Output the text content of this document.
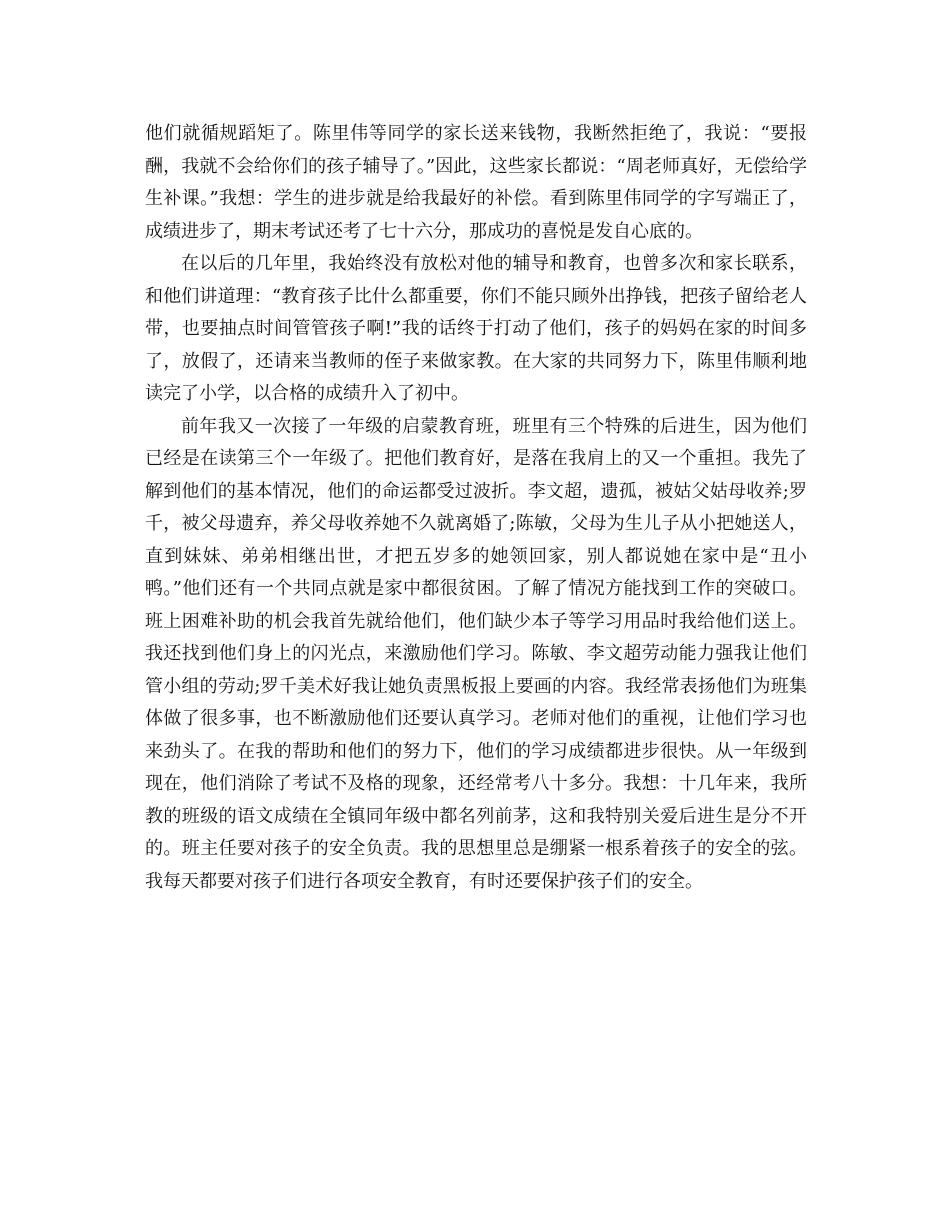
他们就循规蹈矩了。陈里伟等同学的家长送来钱物，我断然拒绝了，我说：“要报酬，我就不会给你们的孩子辅导了。”因此，这些家长都说：“周老师真好，无偿给学生补课。”我想：学生的进步就是给我最好的补偿。看到陈里伟同学的字写端正了，成绩进步了，期末考试还考了七十六分，那成功的喜悦是发自心底的。

在以后的几年里，我始终没有放松对他的辅导和教育，也曾多次和家长联系，和他们讲道理：“教育孩子比什么都重要，你们不能只顾外出挣钱，把孩子留给老人带，也要抽点时间管管孩子啊!”我的话终于打动了他们，孩子的妈妈在家的时间多了，放假了，还请来当教师的侄子来做家教。在大家的共同努力下，陈里伟顺利地读完了小学，以合格的成绩升入了初中。

前年我又一次接了一年级的启蒙教育班，班里有三个特殊的后进生，因为他们已经是在读第三个一年级了。把他们教育好，是落在我肩上的又一个重担。我先了解到他们的基本情况，他们的命运都受过波折。李文超，遗孤，被姑父姑母收养;罗千，被父母遗弃，养父母收养她不久就离婚了;陈敏，父母为生儿子从小把她送人，直到妹妹、弟弟相继出世，才把五岁多的她领回家，别人都说她在家中是“丑小鸭。”他们还有一个共同点就是家中都很贫困。了解了情况方能找到工作的突破口。班上困难补助的机会我首先就给他们，他们缺少本子等学习用品时我给他们送上。我还找到他们身上的闪光点，来激励他们学习。陈敏、李文超劳动能力强我让他们管小组的劳动;罗千美术好我让她负责黑板报上要画的内容。我经常表扬他们为班集体做了很多事，也不断激励他们还要认真学习。老师对他们的重视，让他们学习也来劲头了。在我的帮助和他们的努力下，他们的学习成绩都进步很快。从一年级到现在，他们消除了考试不及格的现象，还经常考八十多分。我想：十几年来，我所教的班级的语文成绩在全镇同年级中都名列前茅，这和我特别关爱后进生是分不开的。班主任要对孩子的安全负责。我的思想里总是绷紧一根系着孩子的安全的弦。我每天都要对孩子们进行各项安全教育，有时还要保护孩子们的安全。
